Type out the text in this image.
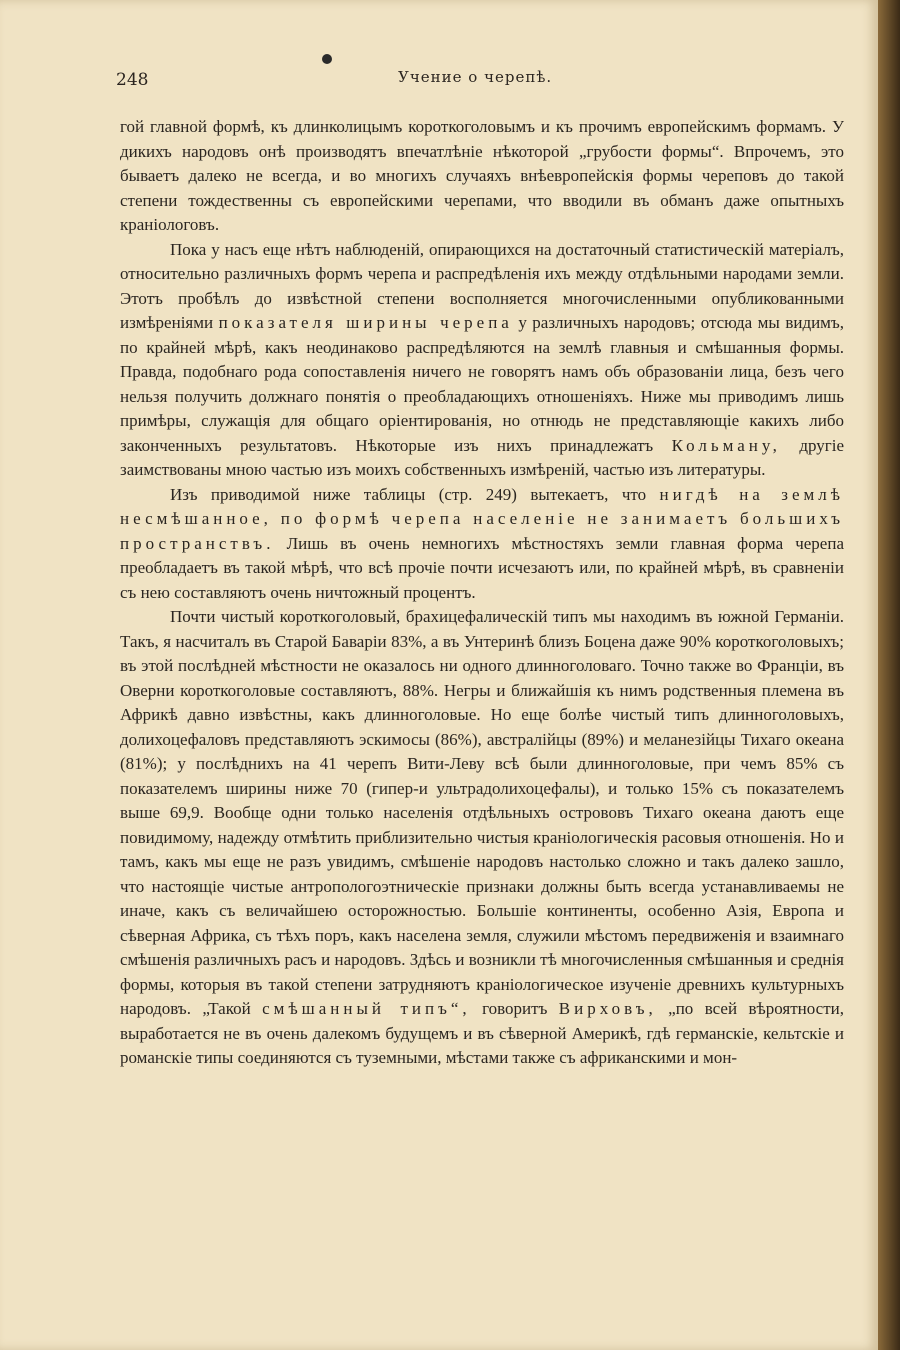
248	Учение о черепѣ.

гой главной формѣ, къ длинколицымъ короткоголовымъ и къ прочимъ европейскимъ формамъ. У дикихъ народовъ онѣ производятъ впечатлѣніе нѣкоторой „грубости формы“. Впрочемъ, это бываетъ далеко не всегда, и во многихъ случаяхъ внѣевропейскія формы череповъ до такой степени тождественны съ европейскими черепами, что вводили въ обманъ даже опытныхъ краніологовъ.

Пока у насъ еще нѣтъ наблюденій, опирающихся на достаточный статистическій матеріалъ, относительно различныхъ формъ черепа и распредѣленія ихъ между отдѣльными народами земли. Этотъ пробѣлъ до извѣстной степени восполняется многочисленными опубликованными измѣреніями показателя ширины черепа у различныхъ народовъ; отсюда мы видимъ, по крайней мѣрѣ, какъ неодинаково распредѣляются на землѣ главныя и смѣшанныя формы. Правда, подобнаго рода сопоставленія ничего не говорятъ намъ объ образованіи лица, безъ чего нельзя получить должнаго понятія о преобладающихъ отношеніяхъ. Ниже мы приводимъ лишь примѣры, служащія для общаго оріентированія, но отнюдь не представляющіе какихъ либо законченныхъ результатовъ. Нѣкоторые изъ нихъ принадлежатъ Кольману, другіе заимствованы мною частью изъ моихъ собственныхъ измѣреній, частью изъ литературы.

Изъ приводимой ниже таблицы (стр. 249) вытекаетъ, что нигдѣ на землѣ несмѣшанное, по формѣ черепа населеніе не занимаетъ большихъ пространствъ. Лишь въ очень немногихъ мѣстностяхъ земли главная форма черепа преобладаетъ въ такой мѣрѣ, что всѣ прочіе почти исчезаютъ или, по крайней мѣрѣ, въ сравненіи съ нею составляютъ очень ничтожный процентъ.

Почти чистый короткоголовый, брахицефалическій типъ мы находимъ въ южной Германіи. Такъ, я насчиталъ въ Старой Баваріи 83%, а въ Унтеринѣ близъ Боцена даже 90% короткоголовыхъ; въ этой послѣдней мѣстности не оказалось ни одного длинноголоваго. Точно также во Франціи, въ Оверни короткоголовые составляютъ, 88%. Негры и ближайшія къ нимъ родственныя племена въ Африкѣ давно извѣстны, какъ длинноголовые. Но еще болѣе чистый типъ длинноголовыхъ, долихоцефаловъ представляютъ эскимосы (86%), австралійцы (89%) и меланезійцы Тихаго океана (81%); у послѣднихъ на 41 черепъ Вити-Леву всѣ были длинноголовые, при чемъ 85% съ показателемъ ширины ниже 70 (гипер-и ультрадолихоцефалы), и только 15% съ показателемъ выше 69,9. Вообще одни только населенія отдѣльныхъ острововъ Тихаго океана даютъ еще повидимому, надежду отмѣтить приблизительно чистыя краніологическія расовыя отношенія. Но и тамъ, какъ мы еще не разъ увидимъ, смѣшеніе народовъ настолько сложно и такъ далеко зашло, что настоящіе чистые антропологоэтническіе признаки должны быть всегда устанавливаемы не иначе, какъ съ величайшею осторожностью. Большіе континенты, особенно Азія, Европа и сѣверная Африка, съ тѣхъ поръ, какъ населена земля, служили мѣстомъ передвиженія и взаимнаго смѣшенія различныхъ расъ и народовъ. Здѣсь и возникли тѣ многочисленныя смѣшанныя и среднія формы, которыя въ такой степени затрудняютъ краніологическое изученіе древнихъ культурныхъ народовъ. „Такой смѣшанный типъ“, говоритъ Вирховъ, „по всей вѣроятности, выработается не въ очень далекомъ будущемъ и въ сѣверной Америкѣ, гдѣ германскіе, кельтскіе и романскіе типы соединяются съ туземными, мѣстами также съ африканскими и мон-
